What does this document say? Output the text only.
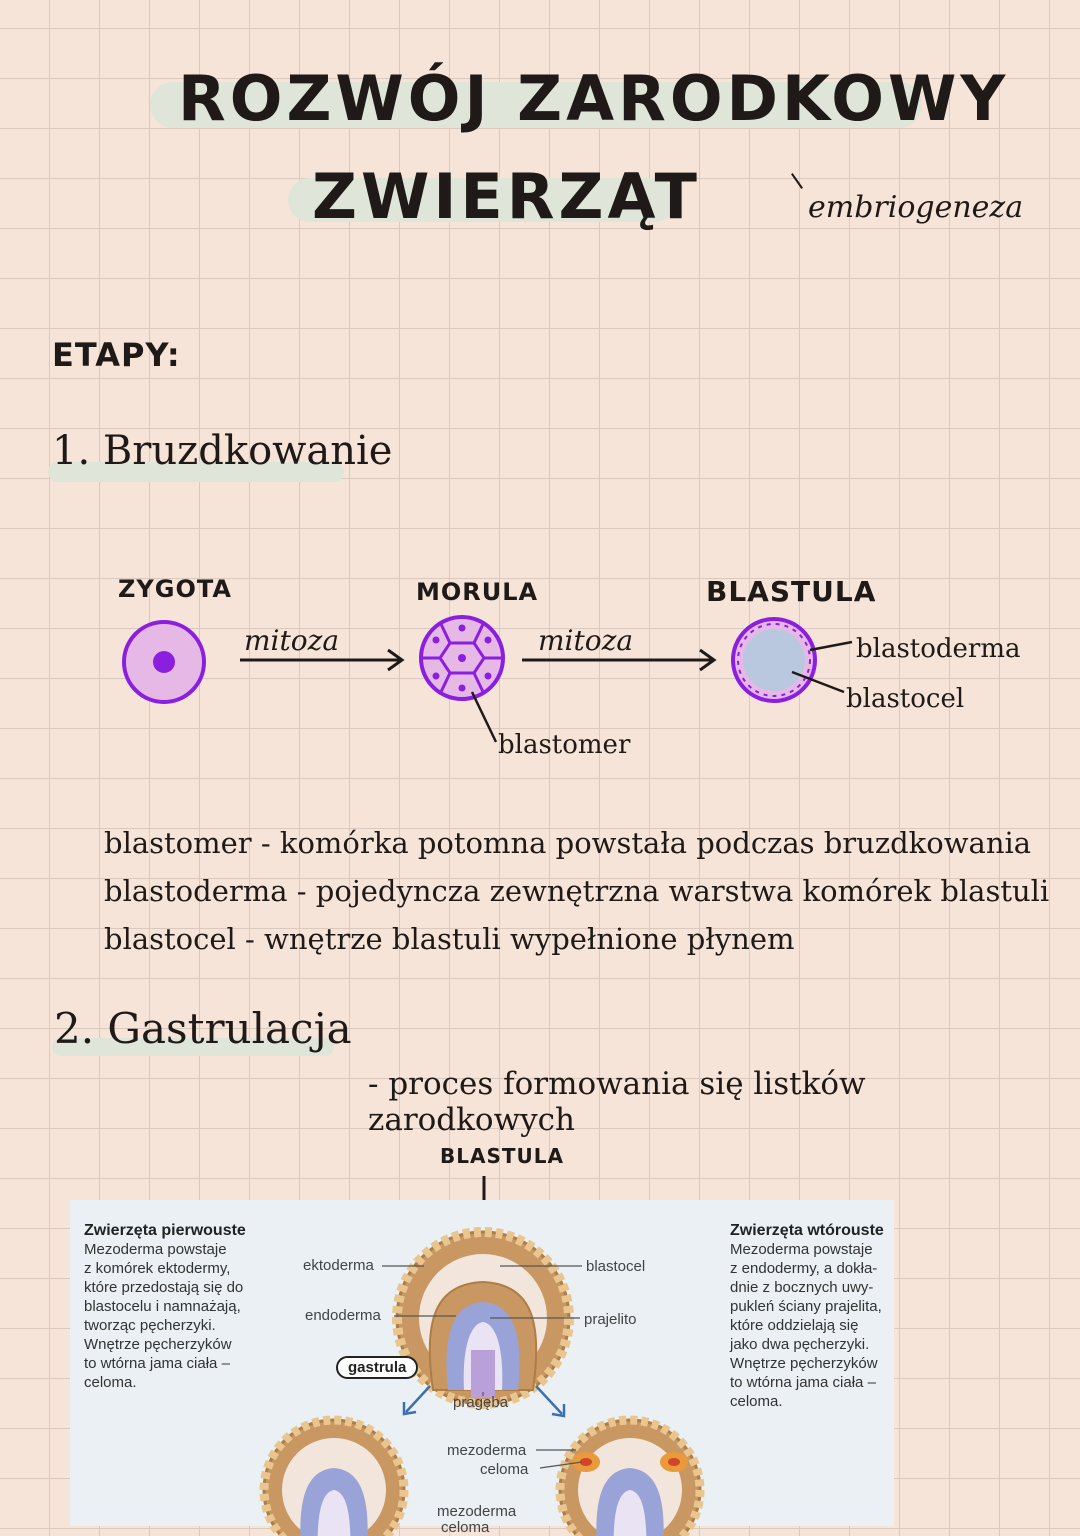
ROZWÓJ ZARODKOWY
ZWIERZĄT	embriogeneza
ETAPY:
1. Bruzdkowanie
ZYGOTA	MORULA	BLASTULA
mitoza	mitoza
blastomer
blastoderma
blastocel
blastomer - komórka potomna powstała podczas bruzdkowania
blastoderma - pojedyncza zewnętrzna warstwa komórek blastuli
blastocel - wnętrze blastuli wypełnione płynem
2. Gastrulacja
- proces formowania się listków zarodkowych
BLASTULA
Zwierzęta pierwouste
Mezoderma powstaje
z komórek ektodermy,
które przedostają się do
blastocelu i namnażają,
tworząc pęcherzyki.
Wnętrze pęcherzyków
to wtórna jama ciała –
celoma.
Zwierzęta wtórouste
Mezoderma powstaje
z endodermy, a dokła-
dnie z bocznych uwy-
pukleń ściany prajelita,
które oddzielają się
jako dwa pęcherzyki.
Wnętrze pęcherzyków
to wtórna jama ciała –
celoma.
ektoderma
endoderma
blastocel
prajelito
gastrula
pragęba
mezoderma
celoma
mezoderma
celoma
